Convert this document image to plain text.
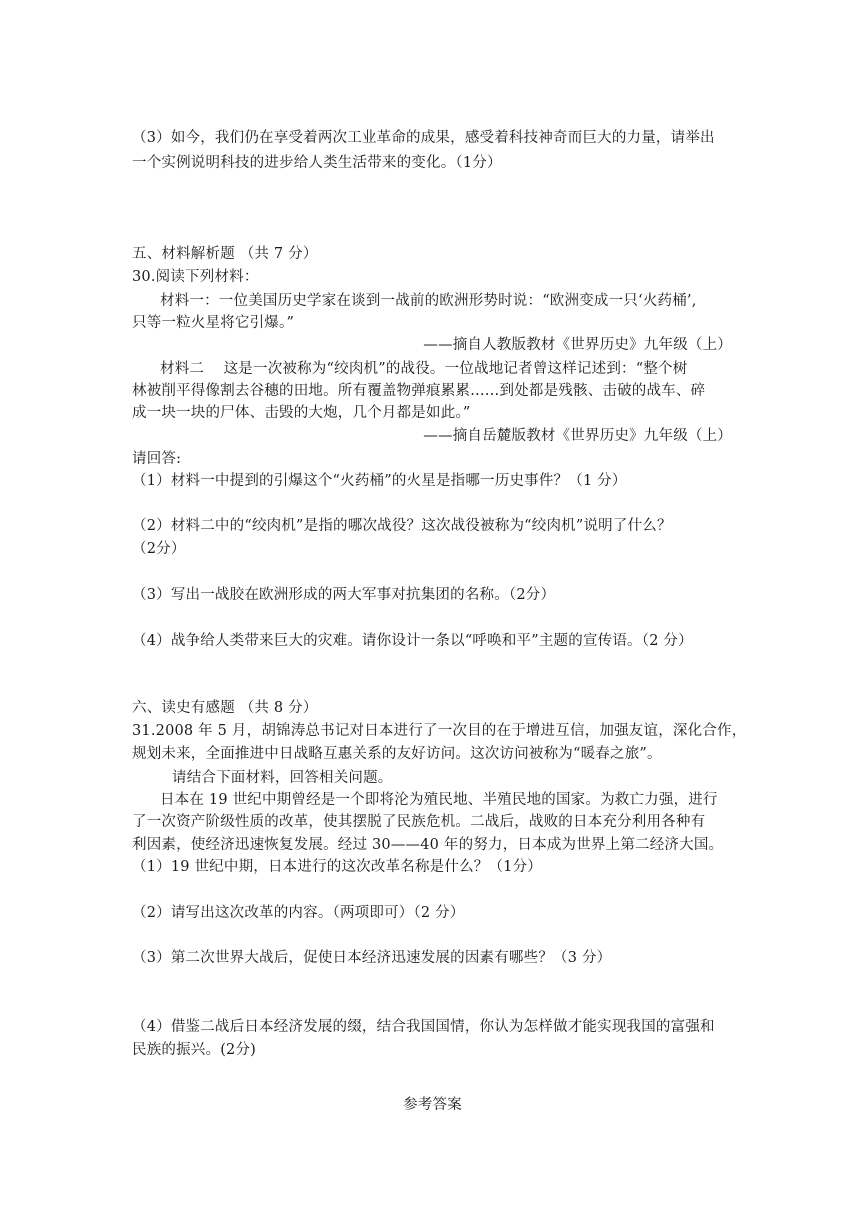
（3）如今，我们仍在享受着两次工业革命的成果，感受着科技神奇而巨大的力量，请举出
一个实例说明科技的进步给人类生活带来的变化。（1分）
五、材料解析题 （共 7 分）
30.阅读下列材料：
材料一：一位美国历史学家在谈到一战前的欧洲形势时说：“欧洲变成一只‘火药桶’,
只等一粒火星将它引爆。”
——摘自人教版教材《世界历史》九年级（上）
材料二　 这是一次被称为“绞肉机”的战役。一位战地记者曾这样记述到：“整个树
林被削平得像割去谷穗的田地。所有覆盖物弹痕累累……到处都是残骸、击破的战车、碎
成一块一块的尸体、击毁的大炮，几个月都是如此。”
——摘自岳麓版教材《世界历史》九年级（上）
请回答:
（1）材料一中提到的引爆这个“火药桶”的火星是指哪一历史事件？（1 分）
（2）材料二中的“绞肉机”是指的哪次战役？这次战役被称为“绞肉机”说明了什么？
（2分）
（3）写出一战胶在欧洲形成的两大军事对抗集团的名称。（2分）
（4）战争给人类带来巨大的灾难。请你设计一条以“呼唤和平”主题的宣传语。（2 分）
六、读史有感题 （共 8 分）
31.2008 年 5 月，胡锦涛总书记对日本进行了一次目的在于增进互信，加强友谊，深化合作，
规划未来，全面推进中日战略互惠关系的友好访问。这次访问被称为“暖春之旅”。
请结合下面材料，回答相关问题。
日本在 19 世纪中期曾经是一个即将沦为殖民地、半殖民地的国家。为救亡力强，进行
了一次资产阶级性质的改革，使其摆脱了民族危机。二战后，战败的日本充分利用各种有
利因素，使经济迅速恢复发展。经过 30——40 年的努力，日本成为世界上第二经济大国。
（1）19 世纪中期，日本进行的这次改革名称是什么？（1分）
（2）请写出这次改革的内容。（两项即可）（2 分）
（3）第二次世界大战后，促使日本经济迅速发展的因素有哪些？（3 分）
（4）借鉴二战后日本经济发展的缀，结合我国国情，你认为怎样做才能实现我国的富强和
民族的振兴。(2分)
参考答案
